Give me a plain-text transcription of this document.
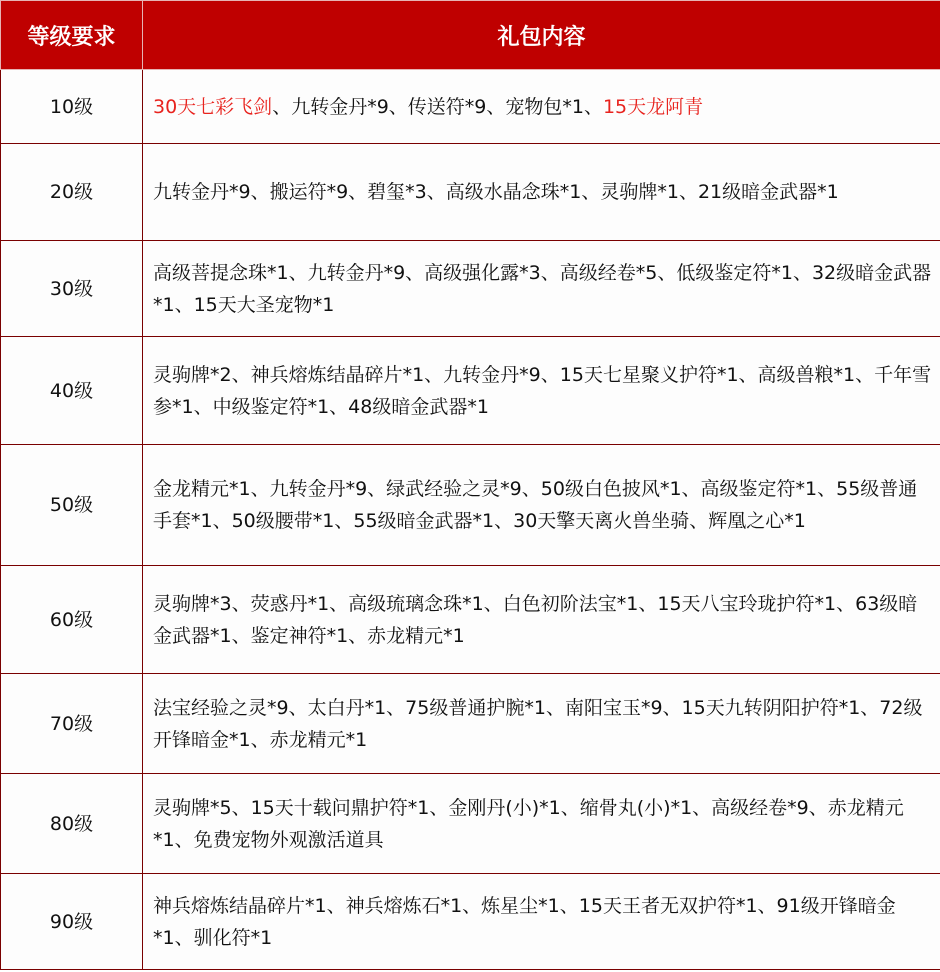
等级要求	礼包内容
10级	30天七彩飞剑、九转金丹*9、传送符*9、宠物包*1、15天龙阿青
20级	九转金丹*9、搬运符*9、碧玺*3、高级水晶念珠*1、灵驹牌*1、21级暗金武器*1
30级	高级菩提念珠*1、九转金丹*9、高级强化露*3、高级经卷*5、低级鉴定符*1、32级暗金武器*1、15天大圣宠物*1
40级	灵驹牌*2、神兵熔炼结晶碎片*1、九转金丹*9、15天七星聚义护符*1、高级兽粮*1、千年雪参*1、中级鉴定符*1、48级暗金武器*1
50级	金龙精元*1、九转金丹*9、绿武经验之灵*9、50级白色披风*1、高级鉴定符*1、55级普通手套*1、50级腰带*1、55级暗金武器*1、30天擎天离火兽坐骑、辉凰之心*1
60级	灵驹牌*3、荧惑丹*1、高级琉璃念珠*1、白色初阶法宝*1、15天八宝玲珑护符*1、63级暗金武器*1、鉴定神符*1、赤龙精元*1
70级	法宝经验之灵*9、太白丹*1、75级普通护腕*1、南阳宝玉*9、15天九转阴阳护符*1、72级开锋暗金*1、赤龙精元*1
80级	灵驹牌*5、15天十载问鼎护符*1、金刚丹(小)*1、缩骨丸(小)*1、高级经卷*9、赤龙精元*1、免费宠物外观激活道具
90级	神兵熔炼结晶碎片*1、神兵熔炼石*1、炼星尘*1、15天王者无双护符*1、91级开锋暗金*1、驯化符*1
